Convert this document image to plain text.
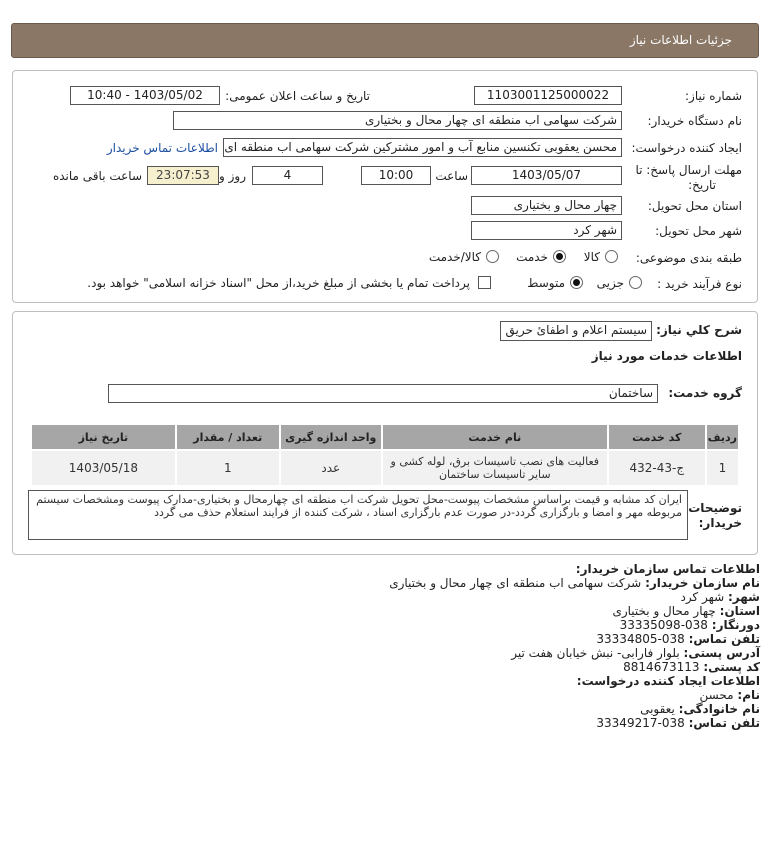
جزئیات اطلاعات نیاز
شماره نیاز:
1103001125000022
تاریخ و ساعت اعلان عمومی:
1403/05/02 - 10:40
نام دستگاه خریدار:
شرکت سهامی اب منطقه ای چهار محال و بختیاری
ایجاد کننده درخواست:
محسن یعقوبی تکنسین منابع آب و امور مشترکین شرکت سهامی اب منطقه ای
اطلاعات تماس خریدار
مهلت ارسال پاسخ: تا
تاریخ:
1403/05/07
ساعت
10:00
4
روز و
23:07:53
ساعت باقی مانده
استان محل تحویل:
چهار محال و بختیاری
شهر محل تحویل:
شهر کرد
طبقه بندی موضوعی:
کالا
خدمت
کالا/خدمت
نوع فرآیند خرید :
جزیی
متوسط
پرداخت تمام یا بخشی از مبلغ خرید،از محل "اسناد خزانه اسلامی" خواهد بود.
شرح کلي نياز:
سیستم اعلام و اطفائ حریق
اطلاعات خدمات مورد نیاز
گروه خدمت:
ساختمان
ردیف	کد خدمت	نام خدمت	واحد اندازه گیری	تعداد / مقدار	تاریخ نیاز
1	ج-43-432	فعالیت های نصب تاسیسات برق، لوله کشی و سایر تاسیسات ساختمان	عدد	1	1403/05/18
توضیحات
خریدار:
ایران کد مشابه و قیمت براساس مشخصات پیوست-محل تحویل شرکت اب منطقه ای چهارمحال و بختیاری-مدارک پیوست ومشخصات سیستم مربوطه مهر و امضا و بارگزاری گردد-در صورت عدم بارگزاری اسناد ، شرکت کننده از فرایند استعلام حذف می گردد
اطلاعات تماس سازمان خریدار:
نام سازمان خریدار: شرکت سهامی اب منطقه ای چهار محال و بختیاری
شهر: شهر کرد
استان: چهار محال و بختیاری
دورنگار: 038-33335098
تلفن تماس: 038-33334805
آدرس پستی: بلوار فارابی- نبش خیابان هفت تیر
کد پستی: 8814673113
اطلاعات ایجاد کننده درخواست:
نام: محسن
نام خانوادگی: یعقوبی
تلفن تماس: 038-33349217
